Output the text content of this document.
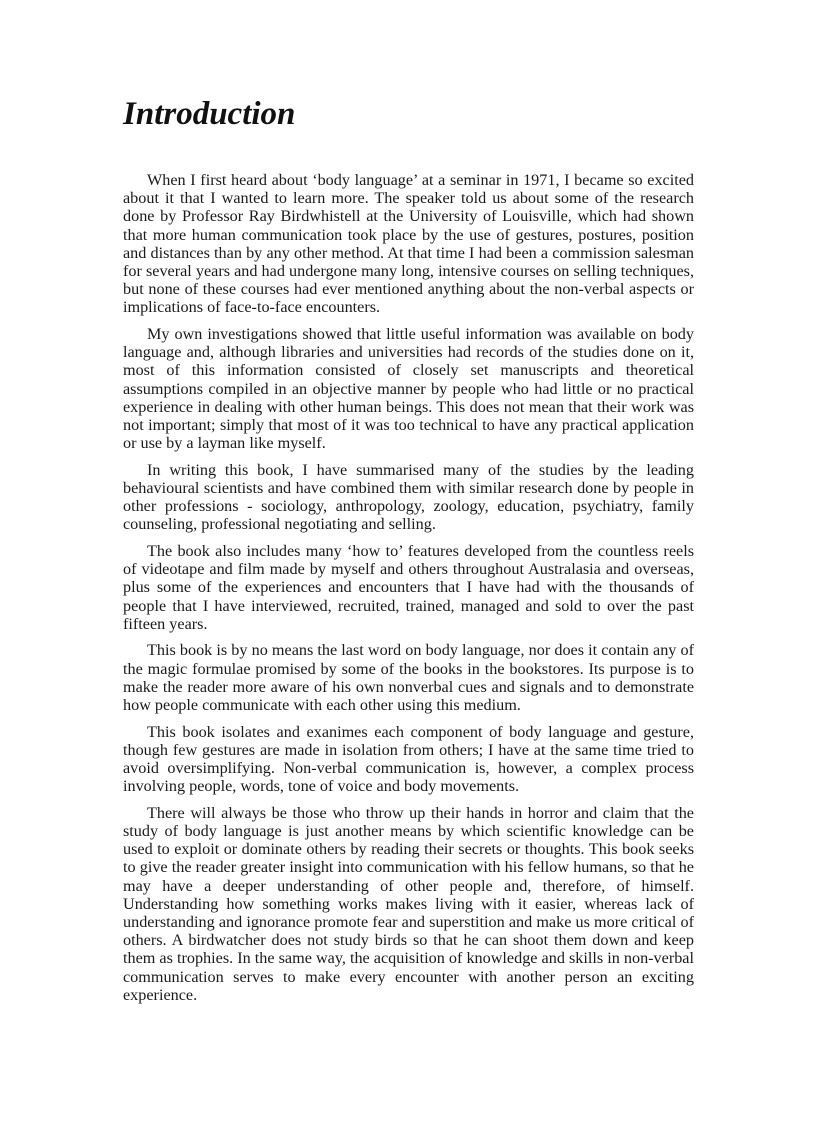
Introduction

When I first heard about ‘body language’ at a seminar in 1971, I became so excited about it that I wanted to learn more. The speaker told us about some of the research done by Professor Ray Birdwhistell at the University of Louisville, which had shown that more human communication took place by the use of gestures, postures, position and distances than by any other method. At that time I had been a commission salesman for several years and had undergone many long, intensive courses on selling techniques, but none of these courses had ever mentioned anything about the non-verbal aspects or implications of face-to-face encounters.

My own investigations showed that little useful information was available on body language and, although libraries and universities had records of the studies done on it, most of this information consisted of closely set manuscripts and theoretical assumptions compiled in an objective manner by people who had little or no practical experience in dealing with other human beings. This does not mean that their work was not important; simply that most of it was too technical to have any practical application or use by a layman like myself.

In writing this book, I have summarised many of the studies by the leading behavioural scientists and have combined them with similar research done by people in other professions - sociology, anthropology, zoology, education, psychiatry, family counseling, professional negotiating and selling.

The book also includes many ‘how to’ features developed from the countless reels of videotape and film made by myself and others throughout Australasia and overseas, plus some of the experiences and encounters that I have had with the thousands of people that I have interviewed, recruited, trained, managed and sold to over the past fifteen years.

This book is by no means the last word on body language, nor does it contain any of the magic formulae promised by some of the books in the bookstores. Its purpose is to make the reader more aware of his own nonverbal cues and signals and to demonstrate how people communicate with each other using this medium.

This book isolates and exanimes each component of body language and gesture, though few gestures are made in isolation from others; I have at the same time tried to avoid oversimplifying. Non-verbal communication is, however, a complex process involving people, words, tone of voice and body movements.

There will always be those who throw up their hands in horror and claim that the study of body language is just another means by which scientific knowledge can be used to exploit or dominate others by reading their secrets or thoughts. This book seeks to give the reader greater insight into communication with his fellow humans, so that he may have a deeper understanding of other people and, therefore, of himself. Understanding how something works makes living with it easier, whereas lack of understanding and ignorance promote fear and superstition and make us more critical of others. A birdwatcher does not study birds so that he can shoot them down and keep them as trophies. In the same way, the acquisition of knowledge and skills in non-verbal communication serves to make every encounter with another person an exciting experience.
